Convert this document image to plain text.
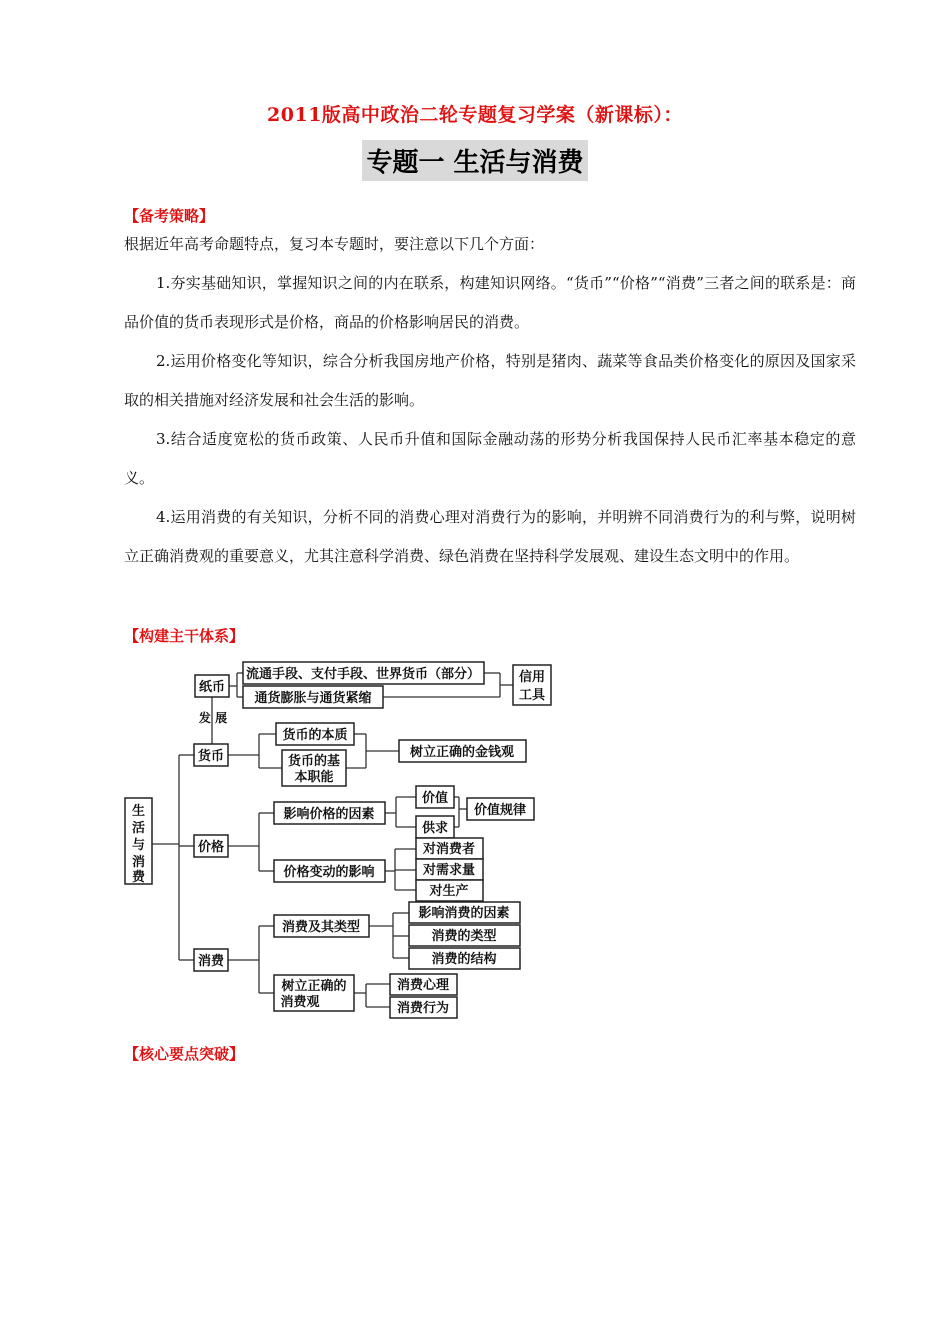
2011版高中政治二轮专题复习学案（新课标）：
专题一 生活与消费
【备考策略】

根据近年高考命题特点，复习本专题时，要注意以下几个方面：

1.夯实基础知识，掌握知识之间的内在联系，构建知识网络。“货币”“价格”“消费”三者之间的联系是：商品价值的货币表现形式是价格，商品的价格影响居民的消费。

2.运用价格变化等知识，综合分析我国房地产价格，特别是猪肉、蔬菜等食品类价格变化的原因及国家采取的相关措施对经济发展和社会生活的影响。

3.结合适度宽松的货币政策、人民币升值和国际金融动荡的形势分析我国保持人民币汇率基本稳定的意义。

4.运用消费的有关知识，分析不同的消费心理对消费行为的影响，并明辨不同消费行为的利与弊，说明树立正确消费观的重要意义，尤其注意科学消费、绿色消费在坚持科学发展观、建设生态文明中的作用。

【构建主干体系】
生
活
与
消
费
纸币
发 展
流通手段、支付手段、世界货币（部分）
通货膨胀与通货紧缩
信用
工具
货币
货币的本质
货币的基
本职能
树立正确的金钱观
价格
影响价格的因素
价值
供求
价值规律
价格变动的影响
对消费者
对需求量
对生产
消费
消费及其类型
影响消费的因素
消费的类型
消费的结构
树立正确的
消费观
消费心理
消费行为
【核心要点突破】
